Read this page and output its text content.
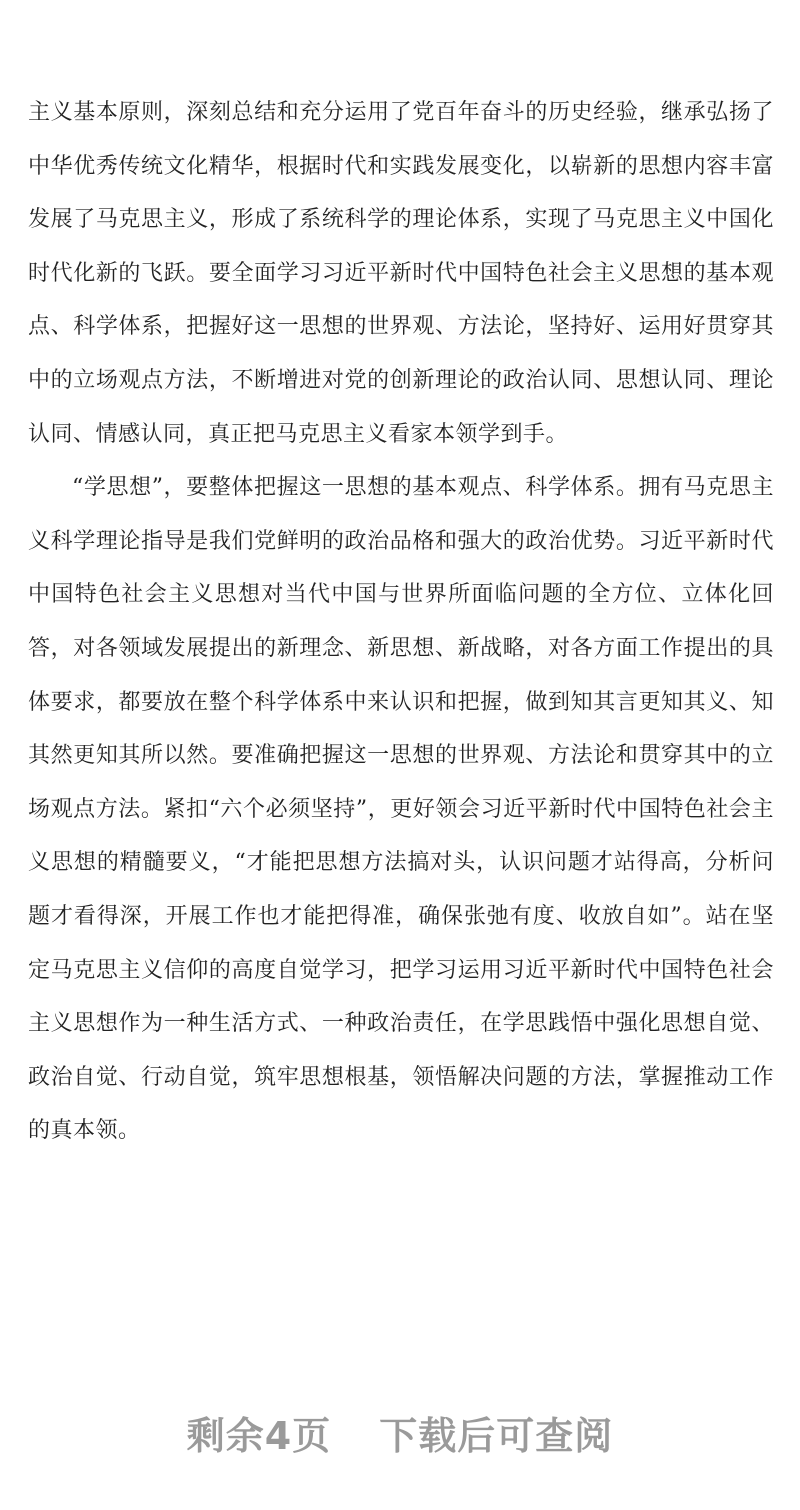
主义基本原则，深刻总结和充分运用了党百年奋斗的历史经验，继承弘扬了中华优秀传统文化精华，根据时代和实践发展变化，以崭新的思想内容丰富发展了马克思主义，形成了系统科学的理论体系，实现了马克思主义中国化时代化新的飞跃。要全面学习习近平新时代中国特色社会主义思想的基本观点、科学体系，把握好这一思想的世界观、方法论，坚持好、运用好贯穿其中的立场观点方法，不断增进对党的创新理论的政治认同、思想认同、理论认同、情感认同，真正把马克思主义看家本领学到手。

“学思想”，要整体把握这一思想的基本观点、科学体系。拥有马克思主义科学理论指导是我们党鲜明的政治品格和强大的政治优势。习近平新时代中国特色社会主义思想对当代中国与世界所面临问题的全方位、立体化回答，对各领域发展提出的新理念、新思想、新战略，对各方面工作提出的具体要求，都要放在整个科学体系中来认识和把握，做到知其言更知其义、知其然更知其所以然。要准确把握这一思想的世界观、方法论和贯穿其中的立场观点方法。紧扣“六个必须坚持”，更好领会习近平新时代中国特色社会主义思想的精髓要义，“才能把思想方法搞对头，认识问题才站得高，分析问题才看得深，开展工作也才能把得准，确保张弛有度、收放自如”。站在坚定马克思主义信仰的高度自觉学习，把学习运用习近平新时代中国特色社会主义思想作为一种生活方式、一种政治责任，在学思践悟中强化思想自觉、政治自觉、行动自觉，筑牢思想根基，领悟解决问题的方法，掌握推动工作的真本领。

剩余4页 下载后可查阅
